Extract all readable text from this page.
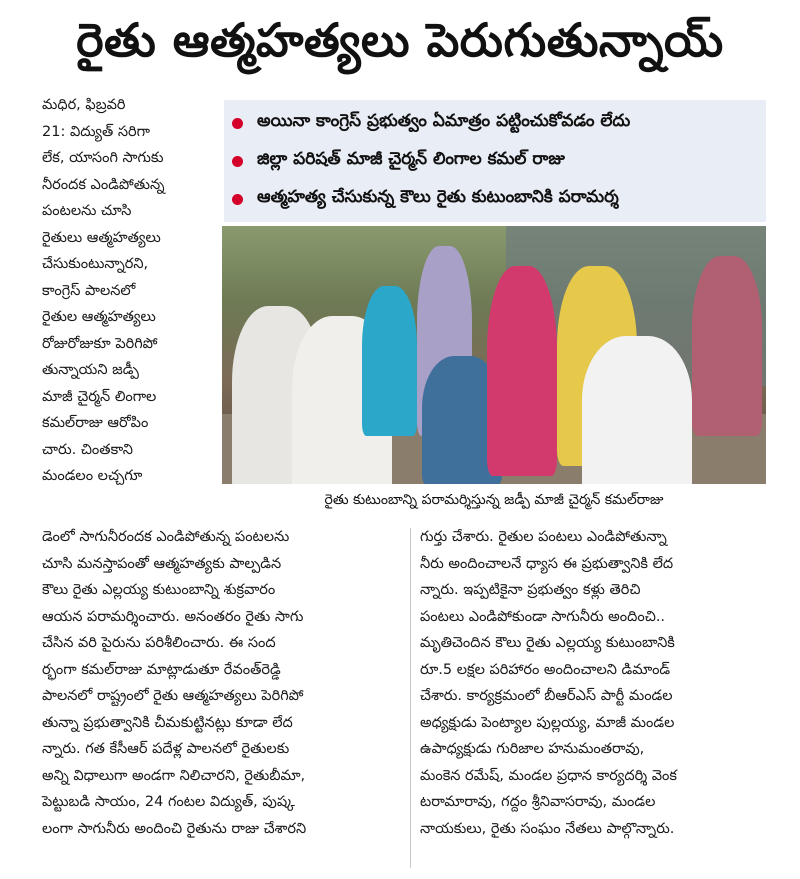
రైతు ఆత్మహత్యలు పెరుగుతున్నాయ్

మధిర, ఫిబ్రవరి

21: విద్యుత్ సరిగా

లేక, యాసంగి సాగుకు

నీరందక ఎండిపోతున్న

పంటలను చూసి

రైతులు ఆత్మహత్యలు

చేసుకుంటున్నారని,

కాంగ్రెస్ పాలనలో

రైతుల ఆత్మహత్యలు

రోజురోజుకూ పెరిగిపో

తున్నాయని జడ్పీ

మాజీ చైర్మన్ లింగాల

కమల్‌రాజు ఆరోపిం

చారు. చింతకాని

మండలం లచ్చగూ

అయినా కాంగ్రెస్ ప్రభుత్వం ఏమాత్రం పట్టించుకోవడం లేదు
జిల్లా పరిషత్ మాజీ చైర్మన్ లింగాల కమల్ రాజు
ఆత్మహత్య చేసుకున్న కౌలు రైతు కుటుంబానికి పరామర్శ
రైతు కుటుంబాన్ని పరామర్శిస్తున్న జడ్పీ మాజీ చైర్మన్ కమల్‌రాజు

డెంలో సాగునీరందక ఎండిపోతున్న పంటలను

చూసి మనస్తాపంతో ఆత్మహత్యకు పాల్పడిన

కౌలు రైతు ఎల్లయ్య కుటుంబాన్ని శుక్రవారం

ఆయన పరామర్శించారు. అనంతరం రైతు సాగు

చేసిన వరి పైరును పరిశీలించారు. ఈ సంద

ర్భంగా కమల్‌రాజు మాట్లాడుతూ రేవంత్‌రెడ్డి

పాలనలో రాష్ట్రంలో రైతు ఆత్మహత్యలు పెరిగిపో

తున్నా ప్రభుత్వానికి చీమకుట్టినట్లు కూడా లేద

న్నారు. గత కేసీఆర్ పదేళ్ల పాలనలో రైతులకు

అన్ని విధాలుగా అండగా నిలిచారని, రైతుబీమా,

పెట్టుబడి సాయం, 24 గంటల విద్యుత్, పుష్క

లంగా సాగునీరు అందించి రైతును రాజు చేశారని

గుర్తు చేశారు. రైతుల పంటలు ఎండిపోతున్నా

నీరు అందించాలనే ధ్యాస ఈ ప్రభుత్వానికి లేద

న్నారు. ఇప్పటికైనా ప్రభుత్వం కళ్లు తెరిచి

పంటలు ఎండిపోకుండా సాగునీరు అందించి..

మృతిచెందిన కౌలు రైతు ఎల్లయ్య కుటుంబానికి

రూ.5 లక్షల పరిహారం అందించాలని డిమాండ్

చేశారు. కార్యక్రమంలో బీఆర్‌ఎస్ పార్టీ మండల

అధ్యక్షుడు పెంట్యాల పుల్లయ్య, మాజీ మండల

ఉపాధ్యక్షుడు గురిజాల హనుమంతరావు,

మంకెన రమేష్, మండల ప్రధాన కార్యదర్శి వెంక

టరామారావు, గద్దం శ్రీనివాసరావు, మండల

నాయకులు, రైతు సంఘం నేతలు పాల్గొన్నారు.
